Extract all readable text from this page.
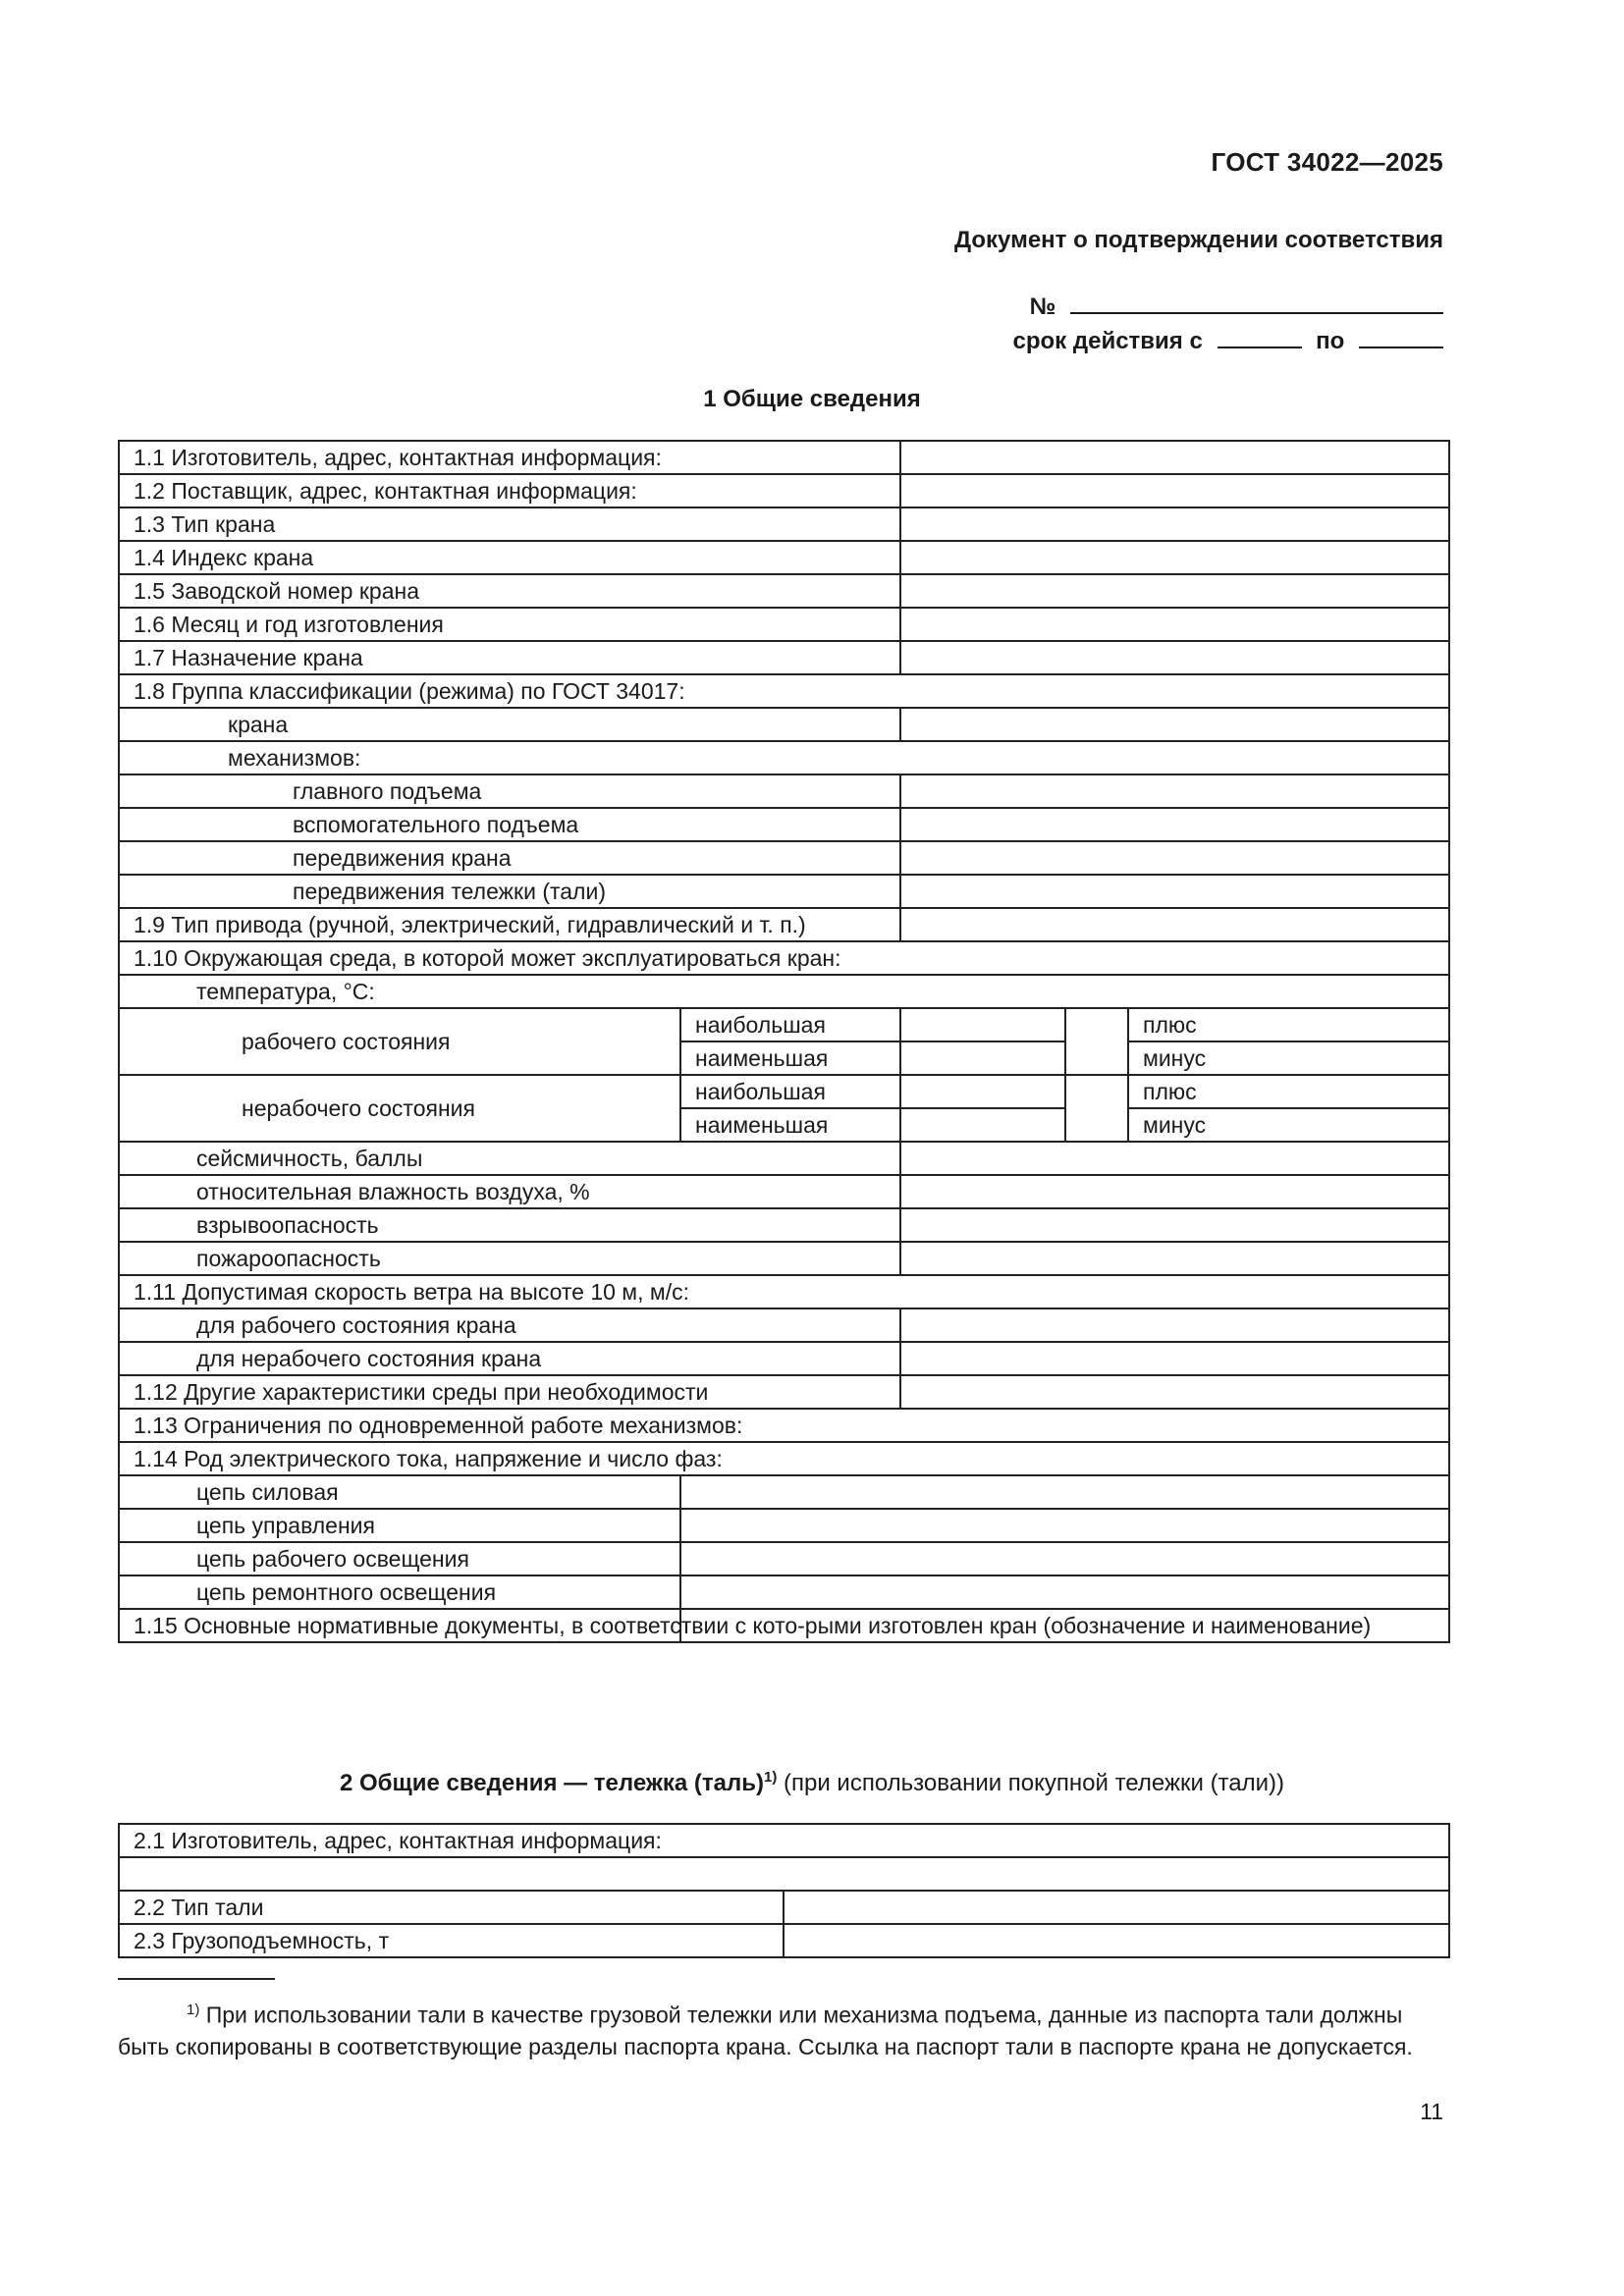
ГОСТ 34022—2025
Документ о подтверждении соответствия
№
срок действия с	по
1 Общие сведения
1.1 Изготовитель, адрес, контактная информация:				
1.2 Поставщик, адрес, контактная информация:				
1.3 Тип крана				
1.4 Индекс крана				
1.5 Заводской номер крана				
1.6 Месяц и год изготовления				
1.7 Назначение крана				
1.8 Группа классификации (режима) по ГОСТ 34017:				
крана				
механизмов:				
главного подъема				
вспомогательного подъема				
передвижения крана				
передвижения тележки (тали)				
1.9 Тип привода (ручной, электрический, гидравлический и т. п.)				
1.10 Окружающая среда, в которой может эксплуатироваться кран:				
температура, °С:				
рабочего состояния	наибольшая			плюс
	наименьшая			минус
нерабочего состояния	наибольшая			плюс
	наименьшая			минус
сейсмичность, баллы				
относительная влажность воздуха, %				
взрывоопасность				
пожароопасность				
1.11 Допустимая скорость ветра на высоте 10 м, м/с:				
для рабочего состояния крана				
для нерабочего состояния крана				
1.12 Другие характеристики среды при необходимости				
1.13 Ограничения по одновременной работе механизмов:				
1.14 Род электрического тока, напряжение и число фаз:				
цепь силовая				
цепь управления				
цепь рабочего освещения				
цепь ремонтного освещения				
1.15 Основные нормативные документы, в соответствии с кото-рыми изготовлен кран (обозначение и наименование)				
2 Общие сведения — тележка (таль)$^{1)}$ (при использовании покупной тележки (тали))
2.1 Изготовитель, адрес, контактная информация:	

2.2 Тип тали	
2.3 Грузоподъемность, т	
$^{1)}$ При использовании тали в качестве грузовой тележки или механизма подъема, данные из паспорта тали должны быть скопированы в соответствующие разделы паспорта крана. Ссылка на паспорт тали в паспорте крана не допускается.
11
